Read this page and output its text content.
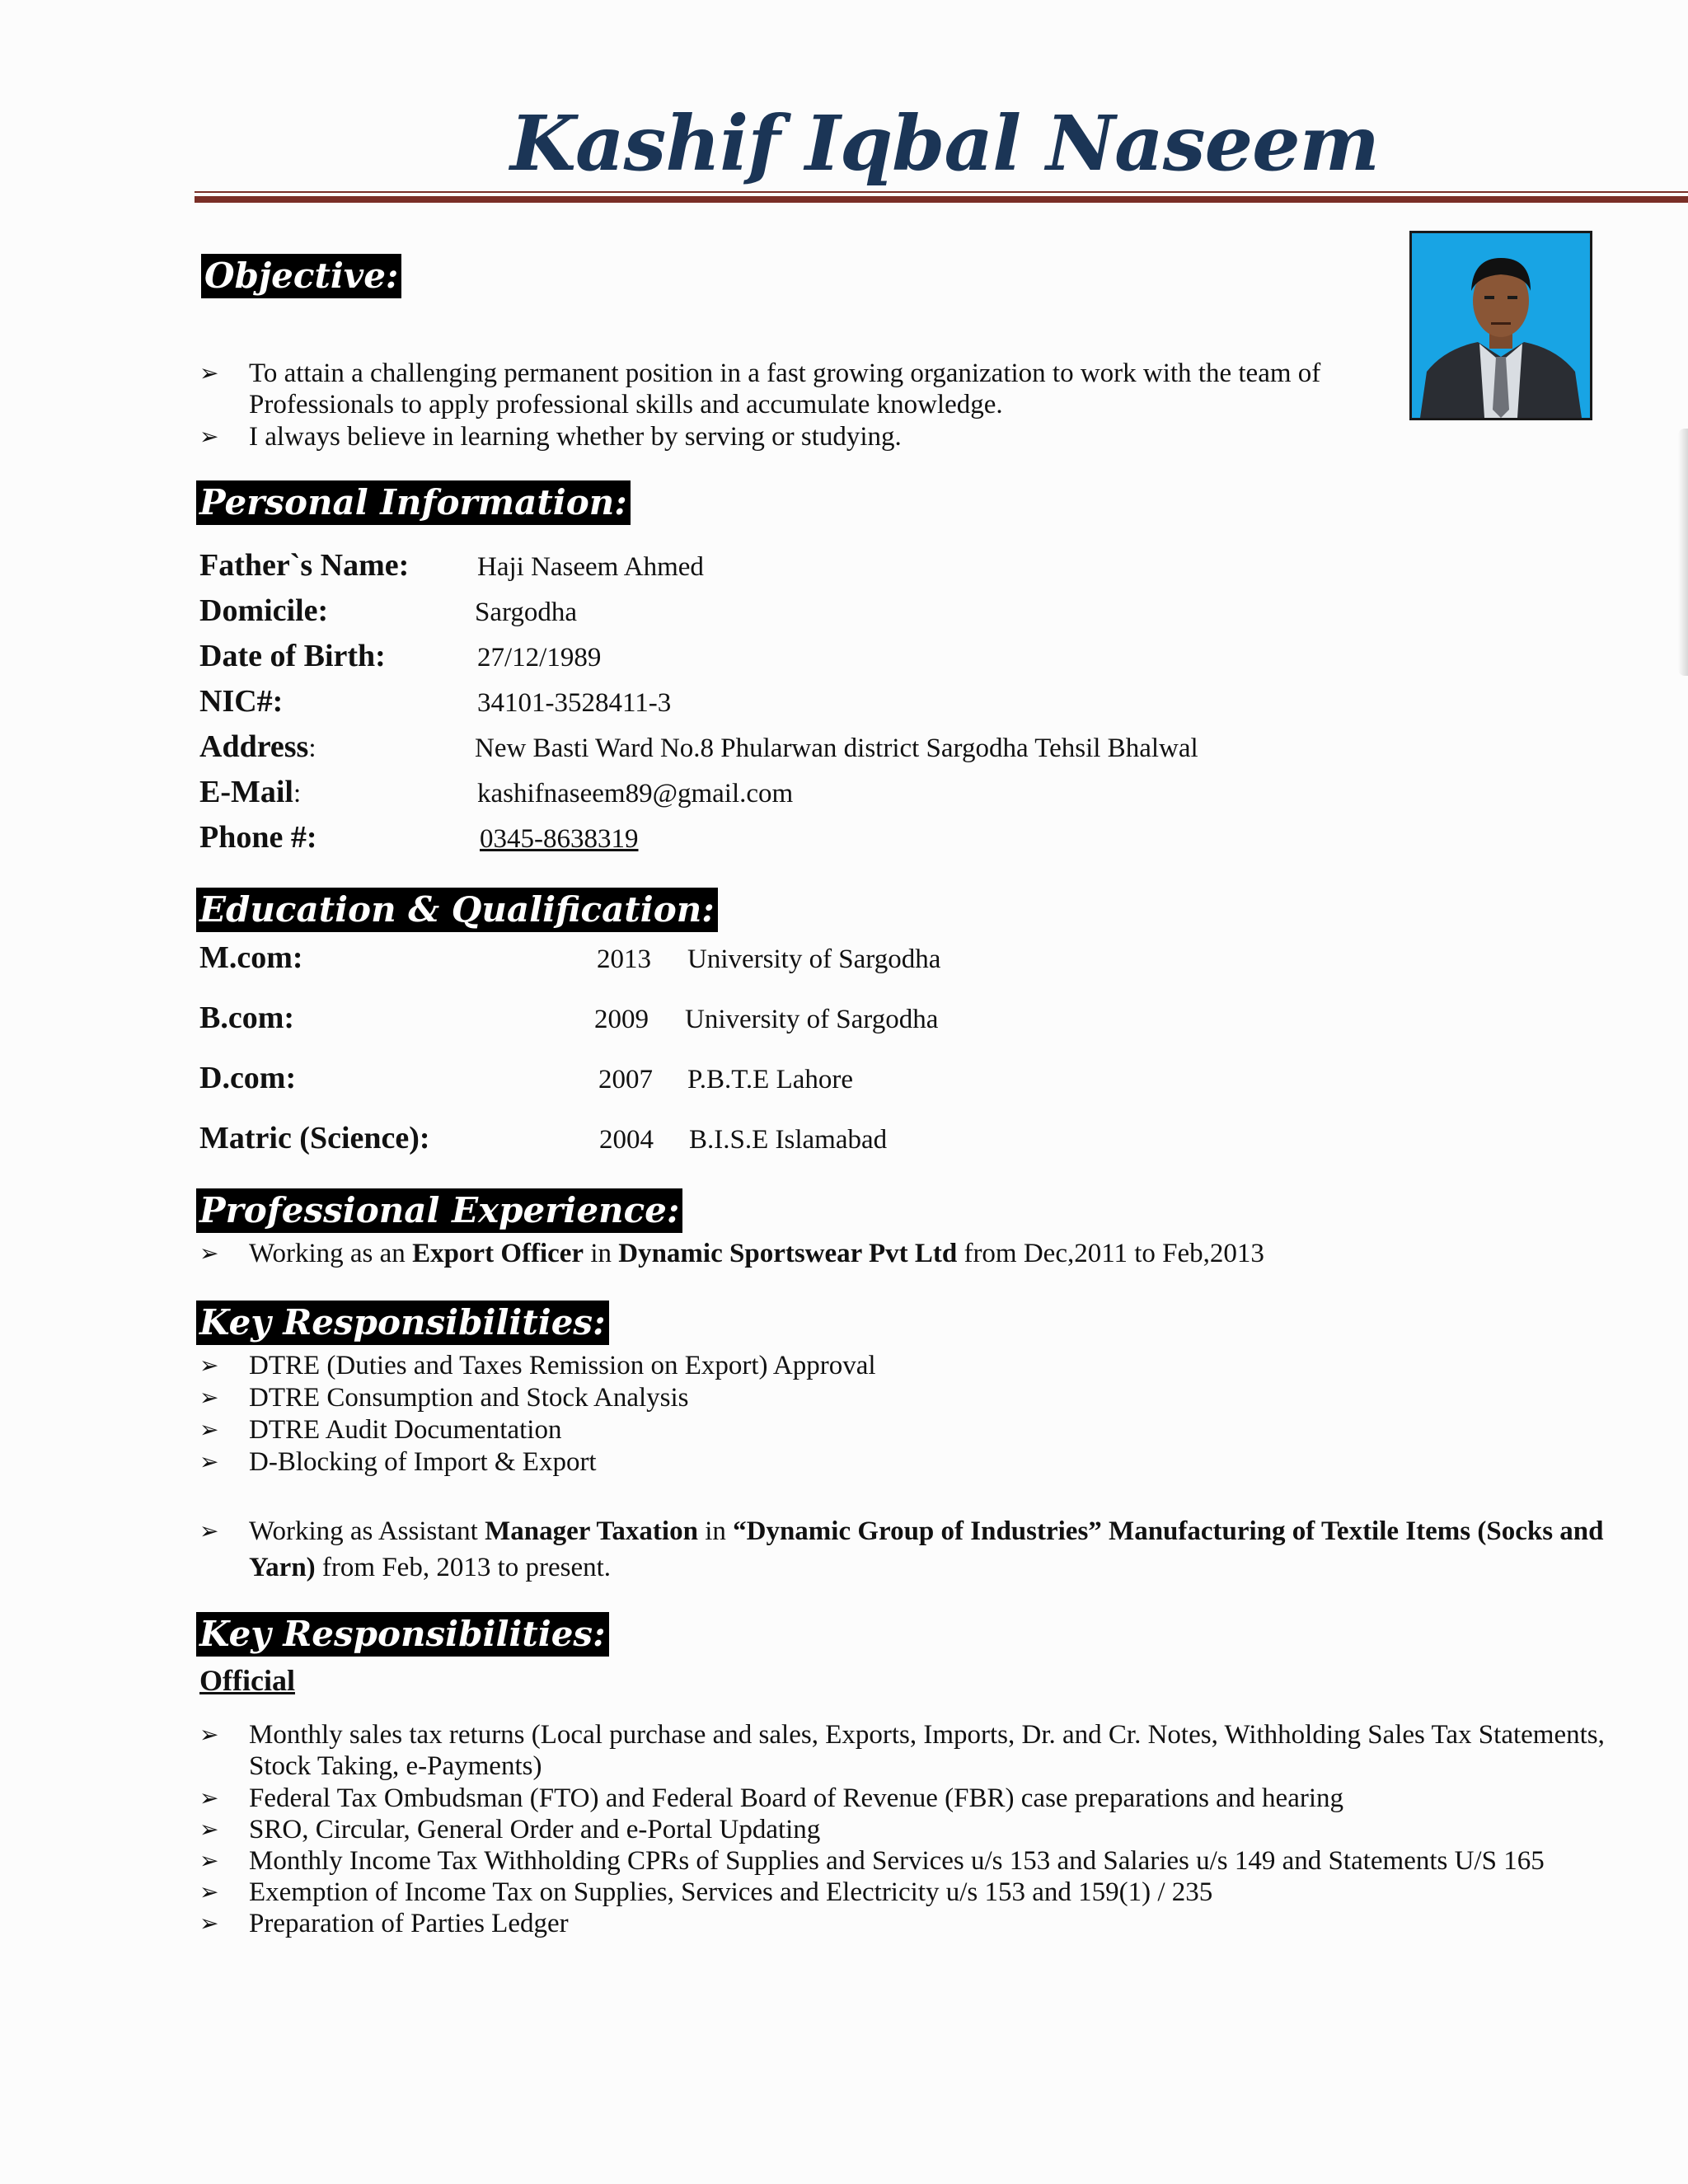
Kashif Iqbal Naseem
Objective:
➢	To attain a challenging permanent position in a fast growing organization to work with the team of Professionals to apply professional skills and accumulate knowledge.
➢	I always believe in learning whether by serving or studying.
Personal Information:
Father`s Name:	Haji Naseem Ahmed
Domicile:	Sargodha
Date of Birth:	27/12/1989
NIC#:	34101-3528411-3
Address:	New Basti Ward No.8 Phularwan district Sargodha Tehsil Bhalwal
E-Mail:	kashifnaseem89@gmail.com
Phone #:	0345-8638319
Education & Qualification:
M.com:	2013 University of Sargodha
B.com:	2009 University of Sargodha
D.com:	2007 P.B.T.E Lahore
Matric (Science):	2004 B.I.S.E Islamabad
Professional Experience:
➢	Working as an Export Officer in Dynamic Sportswear Pvt Ltd from Dec,2011 to Feb,2013
Key Responsibilities:
➢	DTRE (Duties and Taxes Remission on Export) Approval
➢	DTRE Consumption and Stock Analysis
➢	DTRE Audit Documentation
➢	D-Blocking of Import & Export
➢	Working as Assistant Manager Taxation in “Dynamic Group of Industries” Manufacturing of Textile Items (Socks and Yarn) from Feb, 2013 to present.
Key Responsibilities:
Official
➢	Monthly sales tax returns (Local purchase and sales, Exports, Imports, Dr. and Cr. Notes, Withholding Sales Tax Statements, Stock Taking, e-Payments)
➢	Federal Tax Ombudsman (FTO) and Federal Board of Revenue (FBR) case preparations and hearing
➢	SRO, Circular, General Order and e-Portal Updating
➢	Monthly Income Tax Withholding CPRs of Supplies and Services u/s 153 and Salaries u/s 149 and Statements U/S 165
➢	Exemption of Income Tax on Supplies, Services and Electricity u/s 153 and 159(1) / 235
➢	Preparation of Parties Ledger
